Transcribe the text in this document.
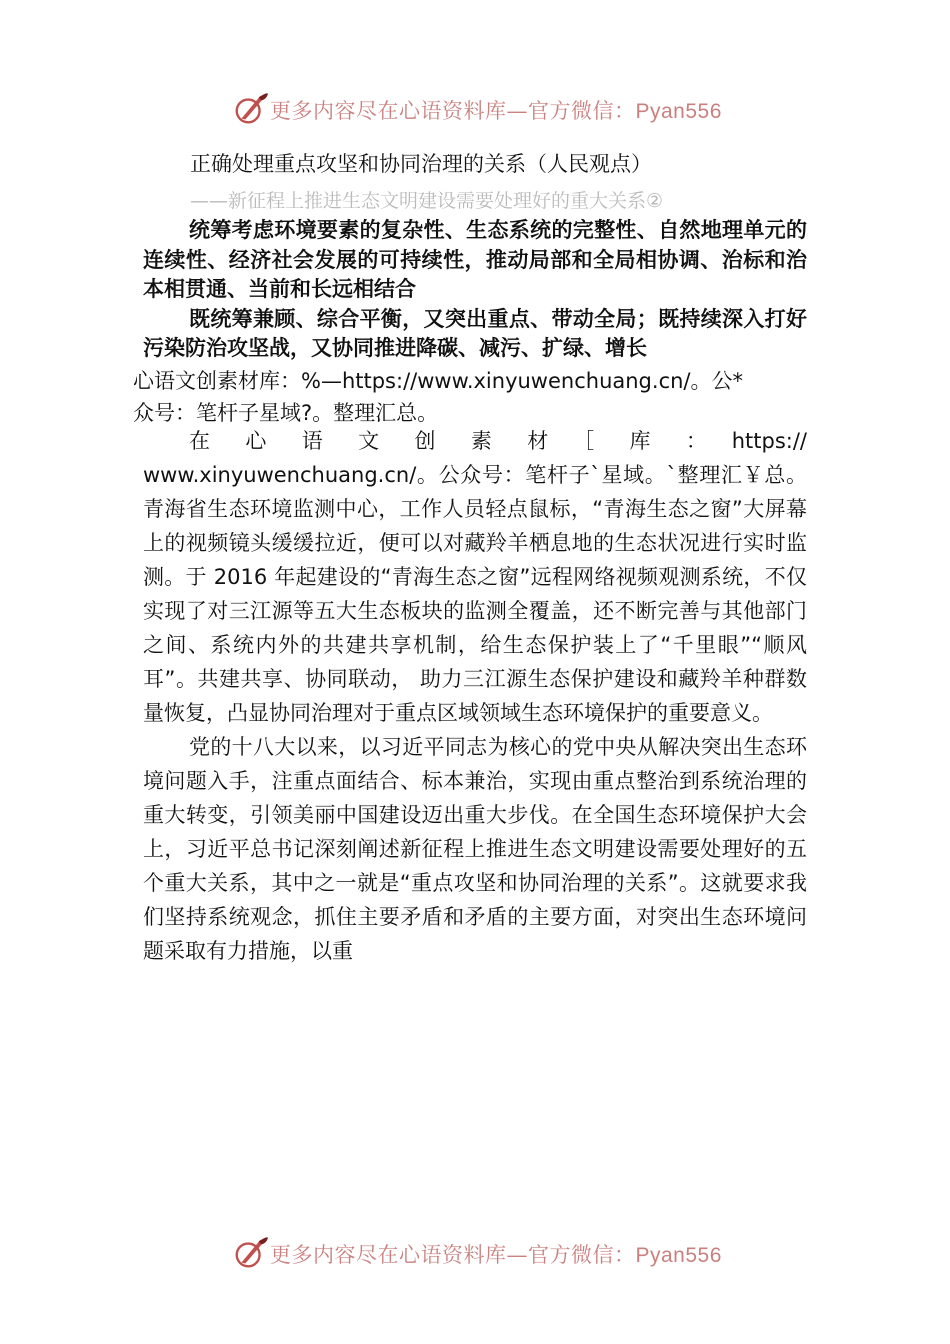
更多内容尽在心语资料库—官方微信：Pyan556
正确处理重点攻坚和协同治理的关系（人民观点）
——新征程上推进生态文明建设需要处理好的重大关系②

统筹考虑环境要素的复杂性、生态系统的完整性、自然地理单元的连续性、经济社会发展的可持续性，推动局部和全局相协调、治标和治本相贯通、当前和长远相结合

既统筹兼顾、综合平衡，又突出重点、带动全局；既持续深入打好污染防治攻坚战，又协同推进降碳、减污、扩绿、增长

心语文创素材库：%—https://www.xinyuwenchuang.cn/。公*

众号：笔杆子星域?。整理汇总。

在　心　语　文　创　素　材　［　库　：　https://

www.xinyuwenchuang.cn/。公众号：笔杆子`星域。`整理汇￥总。青海省生态环境监测中心，工作人员轻点鼠标，“青海生态之窗”大屏幕上的视频镜头缓缓拉近，便可以对藏羚羊栖息地的生态状况进行实时监测。于 2016 年起建设的“青海生态之窗”远程网络视频观测系统，不仅实现了对三江源等五大生态板块的监测全覆盖，还不断完善与其他部门之间、系统内外的共建共享机制，给生态保护装上了“千里眼”“顺风耳”。共建共享、协同联动， 助力三江源生态保护建设和藏羚羊种群数量恢复，凸显协同治理对于重点区域领域生态环境保护的重要意义。

党的十八大以来，以习近平同志为核心的党中央从解决突出生态环境问题入手，注重点面结合、标本兼治，实现由重点整治到系统治理的重大转变，引领美丽中国建设迈出重大步伐。在全国生态环境保护大会上，习近平总书记深刻阐述新征程上推进生态文明建设需要处理好的五个重大关系，其中之一就是“重点攻坚和协同治理的关系”。这就要求我们坚持系统观念，抓住主要矛盾和矛盾的主要方面，对突出生态环境问题采取有力措施，以重

更多内容尽在心语资料库—官方微信：Pyan556
